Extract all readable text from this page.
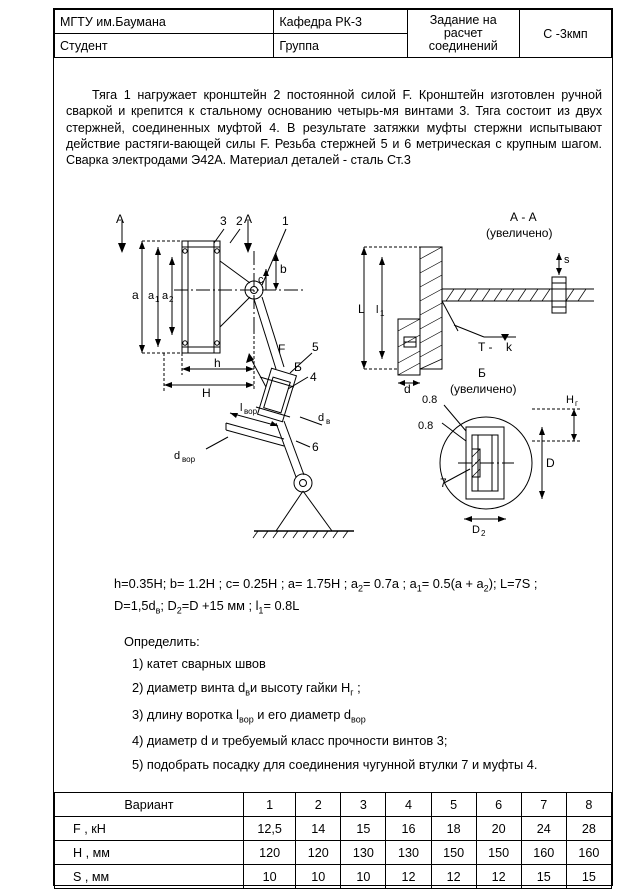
МГТУ им.Баумана	Кафедра РК-3	Задание на расчет соединений	С -3кмп
Студент	Группа		
Тяга 1 нагружает кронштейн 2 постоянной силой F. Кронштейн изготовлен ручной сваркой и крепится к стальному основанию четырь-мя винтами 3. Тяга состоит из двух стержней, соединенных муфтой 4. В результате затяжки муфты стержни испытывают действие растяги-вающей силы F. Резьба стержней 5 и 6 метрическая с крупным шагом. Сварка электродами Э42А. Материал деталей - сталь Ст.3
А	А
3 2	1
5
4
6
7
a a 1 a 2
b
c
h
H
F
Б
l вор
d вор
d в
А - А
(увеличено)
L l 1
d
s
T - k
Б
(увеличено)
0.8
0.8
H г
D
D 2
h=0.35H; b= 1.2H ; c= 0.25H ; a= 1.75H ; $a_2= 0.7a$ ; $a_1= 0.5(a + a_2)$; L=7S ;
$D=1,5d_в$; $D_2=D +15$ мм ; $l_1= 0.8L$
Определить:
1) катет сварных швов
2) диаметр винта $d_ви$ высоту гайки $Н_г$ ;
3) длину воротка $l_{вор}$ и его диаметр $d_{вор}$
4) диаметр d и требуемый класс прочности винтов 3;
5) подобрать посадку для соединения чугунной втулки 7 и муфты 4.
Вариант	1	2	3	4	5	6	7	8
F , кН	12,5	14	15	16	18	20	24	28
Н , мм	120	120	130	130	150	150	160	160
S , мм	10	10	10	12	12	12	15	15
